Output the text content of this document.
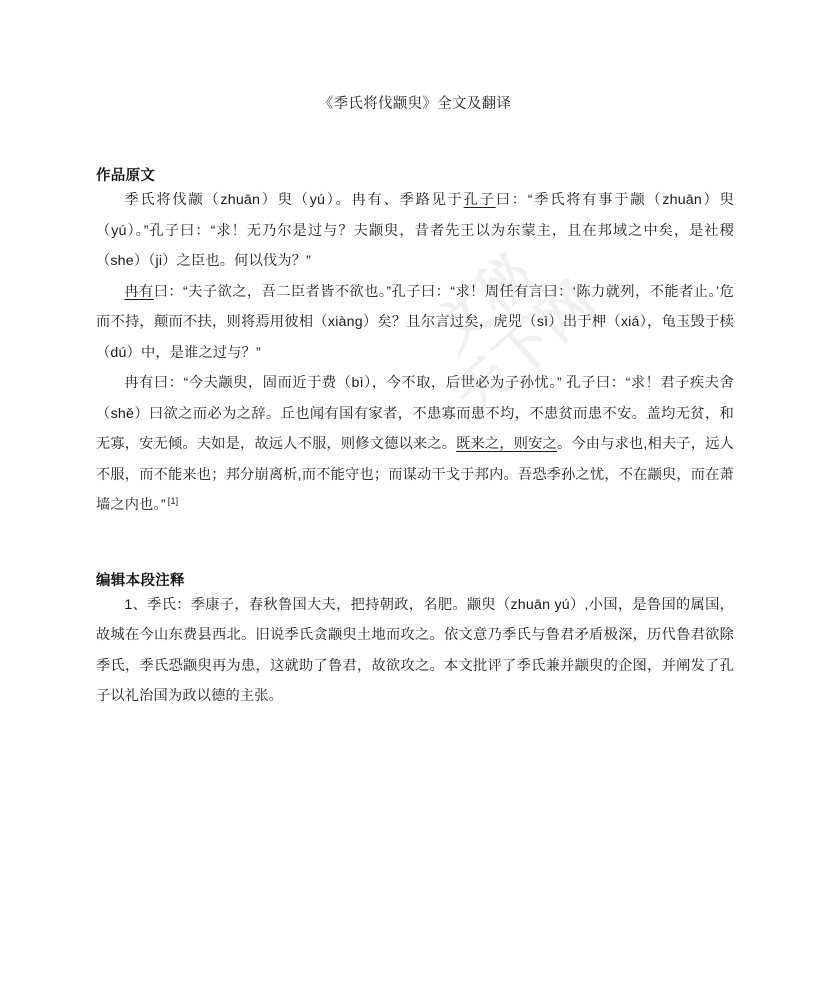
文秘
天下网
《季氏将伐颛臾》全文及翻译
作品原文

季氏将伐颛（zhuān）臾（yú）。冉有、季路见于孔子曰：“季氏将有事于颛（zhuān）臾（yú）。”孔子曰：“求！无乃尔是过与？夫颛臾，昔者先王以为东蒙主，且在邦域之中矣，是社稷（she）（ji）之臣也。何以伐为？”

冉有曰：“夫子欲之，吾二臣者皆不欲也。”孔子曰：“求！周任有言曰：‘陈力就列，不能者止。’危而不持，颠而不扶，则将焉用彼相（xiàng）矣？且尔言过矣，虎兕（sì）出于柙（xiá），龟玉毁于椟（dú）中，是谁之过与？”

冉有曰：“今夫颛臾，固而近于费（bì），今不取，后世必为子孙忧。” 孔子曰：“求！君子疾夫舍（shě）曰欲之而必为之辞。丘也闻有国有家者，不患寡而患不均，不患贫而患不安。盖均无贫，和无寡，安无倾。夫如是，故远人不服，则修文德以来之。既来之，则安之。今由与求也,相夫子，远人不服，而不能来也；邦分崩离析,而不能守也；而谋动干戈于邦内。吾恐季孙之忧，不在颛臾，而在萧墙之内也。” [1]

编辑本段注释

1、季氏：季康子，春秋鲁国大夫，把持朝政，名肥。颛臾（zhuān yú）,小国，是鲁国的属国，故城在今山东费县西北。旧说季氏贪颛臾土地而攻之。依文意乃季氏与鲁君矛盾极深，历代鲁君欲除季氏，季氏恐颛臾再为患，这就助了鲁君，故欲攻之。本文批评了季氏兼并颛臾的企图，并阐发了孔子以礼治国为政以德的主张。
